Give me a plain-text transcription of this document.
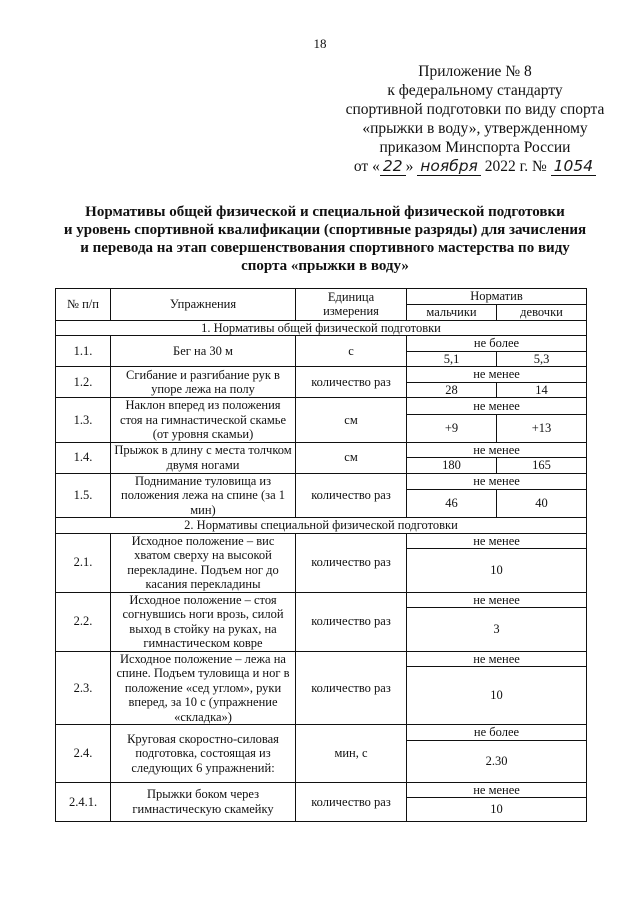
18
Приложение № 8
к федеральному стандарту
спортивной подготовки по виду спорта
«прыжки в воду», утвержденному
приказом Минспорта России
от « 22 » ноября 2022 г. № 1054
Нормативы общей физической и специальной физической подготовки
и уровень спортивной квалификации (спортивные разряды) для зачисления
и перевода на этап совершенствования спортивного мастерства по виду
спорта «прыжки в воду»
№ п/п	Упражнения	Единица измерения	Норматив	
			мальчики	девочки
1. Нормативы общей физической подготовки				
1.1.	Бег на 30 м	с	не более	
			5,1	5,3
1.2.	Сгибание и разгибание рук в упоре лежа на полу	количество раз	не менее	
			28	14
1.3.	Наклон вперед из положения стоя на гимнастической скамье (от уровня скамьи)	см	не менее	
			+9	+13
1.4.	Прыжок в длину с места толчком двумя ногами	см	не менее	
			180	165
1.5.	Поднимание туловища из положения лежа на спине (за 1 мин)	количество раз	не менее	
			46	40
2. Нормативы специальной физической подготовки				
2.1.	Исходное положение – вис хватом сверху на высокой перекладине. Подъем ног до касания перекладины	количество раз	не менее	
			10	
2.2.	Исходное положение – стоя согнувшись ноги врозь, силой выход в стойку на руках, на гимнастическом ковре	количество раз	не менее	
			3	
2.3.	Исходное положение – лежа на спине. Подъем туловища и ног в положение «сед углом», руки вперед, за 10 с (упражнение «складка»)	количество раз	не менее	
			10	
2.4.	Круговая скоростно-силовая подготовка, состоящая из следующих 6 упражнений:	мин, с	не более	
			2.30	
2.4.1.	Прыжки боком через гимнастическую скамейку	количество раз	не менее	
			10	
